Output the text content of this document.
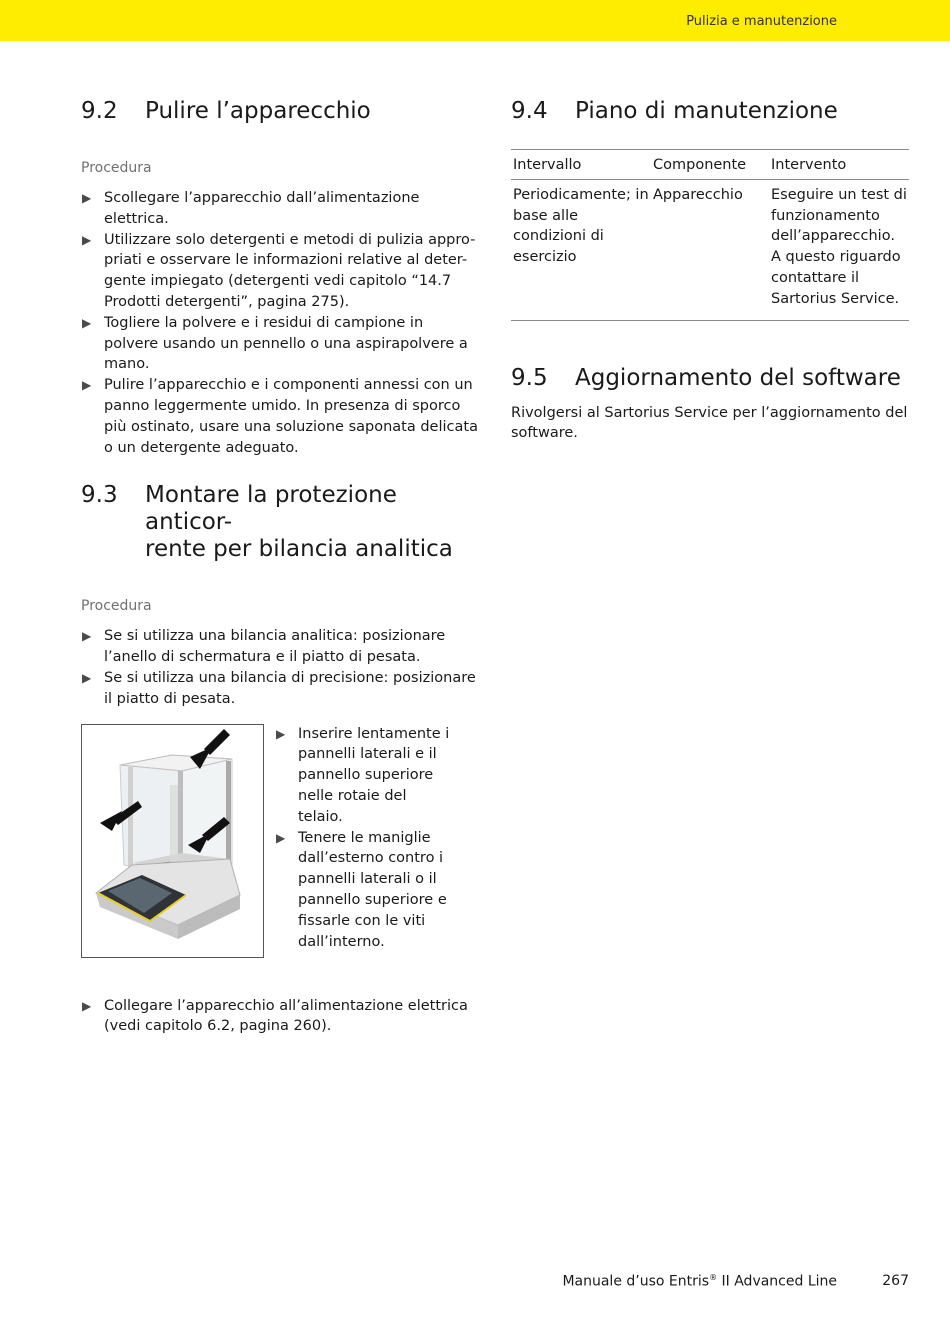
Pulizia e manutenzione
9.2	Pulire l’apparecchio
Procedura
▶ Scollegare l’apparecchio dall’alimentazione elettrica.
▶ Utilizzare solo detergenti e metodi di pulizia appro-
priati e osservare le informazioni relative al deter-
gente impiegato (detergenti vedi capitolo “14.7
Prodotti detergenti”, pagina 275).
▶ Togliere la polvere e i residui di campione in polvere usando un pennello o una aspirapolvere a mano.
▶ Pulire l’apparecchio e i componenti annessi con un panno leggermente umido. In presenza di sporco più ostinato, usare una soluzione saponata delicata o un detergente adeguato.
9.3	Montare la protezione anticor-
rente per bilancia analitica
Procedura
▶ Se si utilizza una bilancia analitica: posizionare l’anello di schermatura e il piatto di pesata.
▶ Se si utilizza una bilancia di precisione: posizionare il piatto di pesata.
▶ Inserire lentamente i
pannelli laterali e il
pannello superiore
nelle rotaie del telaio.
▶ Tenere le maniglie
dall’esterno contro i
pannelli laterali o il
pannello superiore e
fissarle con le viti
dall’interno.
▶ Collegare l’apparecchio all’alimentazione elettrica (vedi capitolo 6.2, pagina 260).
9.4	Piano di manutenzione
Intervallo	Componente	Intervento
Periodicamente; in base alle condizioni di esercizio	Apparecchio	Eseguire un test di funzionamento dell’apparecchio. A questo riguardo contattare il Sartorius Service.
9.5	Aggiornamento del software

Rivolgersi al Sartorius Service per l’aggiornamento del software.

Manuale d’uso Entris® II Advanced Line	267
